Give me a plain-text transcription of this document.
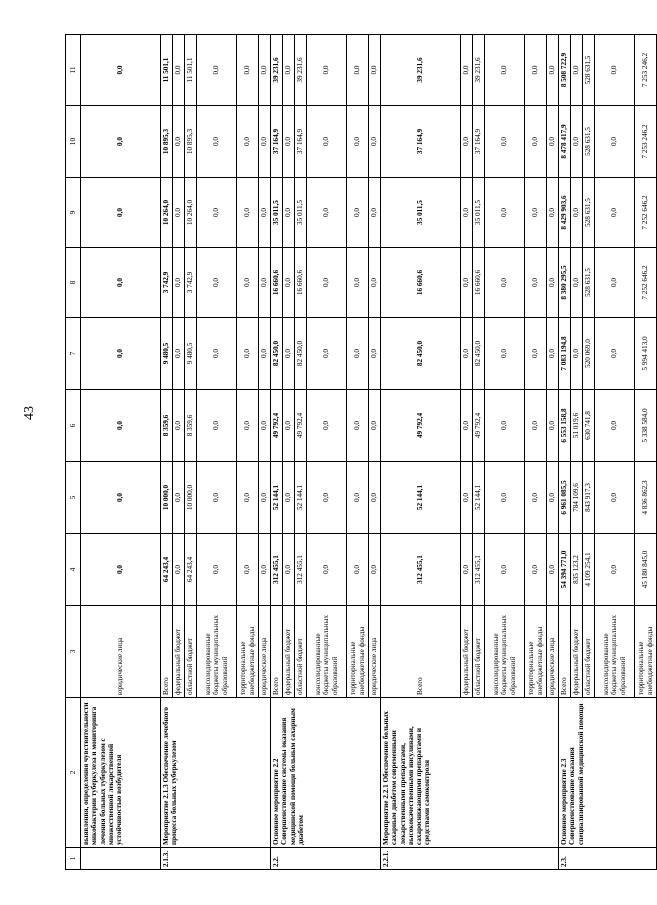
43
1	2	3	4	5	6	7	8	9	10	11
	выявления, определения чувствительности микобактерии туберкулеза и мониторинга лечения больных туберкулезом с множественной лекарственной устойчивостью возбудителя	юридические лица	0,0	0,0	0,0	0,0	0,0	0,0	0,0	0,0
2.1.3.	Мероприятие 2.1.3 Обеспечение лечебного процесса больных туберкулезом	Всего	64 243,4	10 000,0	8 359,6	9 480,5	3 742,9	10 264,0	10 895,3	11 501,1
		федеральный бюджет	0,0	0,0	0,0	0,0	0,0	0,0	0,0	0,0
		областной бюджет	64 243,4	10 000,0	8 359,6	9 480,5	3 742,9	10 264,0	10 895,3	11 501,1
		консолидированные бюджеты муниципальных образований	0,0	0,0	0,0	0,0	0,0	0,0	0,0	0,0
		территориальные внебюджетные фонды	0,0	0,0	0,0	0,0	0,0	0,0	0,0	0,0
		юридические лица	0,0	0,0	0,0	0,0	0,0	0,0	0,0	0,0
2.2.	Основное мероприятие 2.2 Совершенствование системы оказания медицинской помощи больным сахарным диабетом	Всего	312 455,1	52 144,1	49 792,4	82 450,0	16 660,6	35 011,5	37 164,9	39 231,6
		федеральный бюджет	0,0	0,0	0,0	0,0	0,0	0,0	0,0	0,0
		областной бюджет	312 455,1	52 144,1	49 792,4	82 450,0	16 660,6	35 011,5	37 164,9	39 231,6
		консолидированные бюджеты муниципальных образований	0,0	0,0	0,0	0,0	0,0	0,0	0,0	0,0
		территориальные внебюджетные фонды	0,0	0,0	0,0	0,0	0,0	0,0	0,0	0,0
		юридические лица	0,0	0,0	0,0	0,0	0,0	0,0	0,0	0,0
2.2.1.	Мероприятие 2.2.1 Обеспечение больных сахарным диабетом современными лекарственными препаратами, высококачественными инсулинами, сахароснижающими препаратами и средствами самоконтроля	Всего	312 455,1	52 144,1	49 792,4	82 450,0	16 660,6	35 011,5	37 164,9	39 231,6
		федеральный бюджет	0,0	0,0	0,0	0,0	0,0	0,0	0,0	0,0
		областной бюджет	312 455,1	52 144,1	49 792,4	82 450,0	16 660,6	35 011,5	37 164,9	39 231,6
		консолидированные бюджеты муниципальных образований	0,0	0,0	0,0	0,0	0,0	0,0	0,0	0,0
		территориальные внебюджетные фонды	0,0	0,0	0,0	0,0	0,0	0,0	0,0	0,0
		юридические лица	0,0	0,0	0,0	0,0	0,0	0,0	0,0	0,0
2.3.	Основное мероприятие 2.3 Совершенствование оказания специализированной медицинской помощи	Всего	54 394 771,0	6 961 085,5	6 553 158,8	7 083 194,8	8 380 295,5	8 429 903,6	8 478 417,9	8 508 722,9
		федеральный бюджет	835 123,2	784 109,6	51 019,6	0,0	0,0	0,0	0,0	0,0
		областной бюджет	4 109 254,1	843 917,3	630 741,8	520 069,0	528 631,5	528 631,5	528 631,5	528 631,5
		консолидированные бюджеты муниципальных образований	0,0	0,0	0,0	0,0	0,0	0,0	0,0	0,0
		территориальные внебюджетные фонды	45 180 845,0	4 836 862,3	5 338 584,0	5 994 413,0	7 252 646,2	7 252 646,2	7 253 246,2	7 253 246,2
